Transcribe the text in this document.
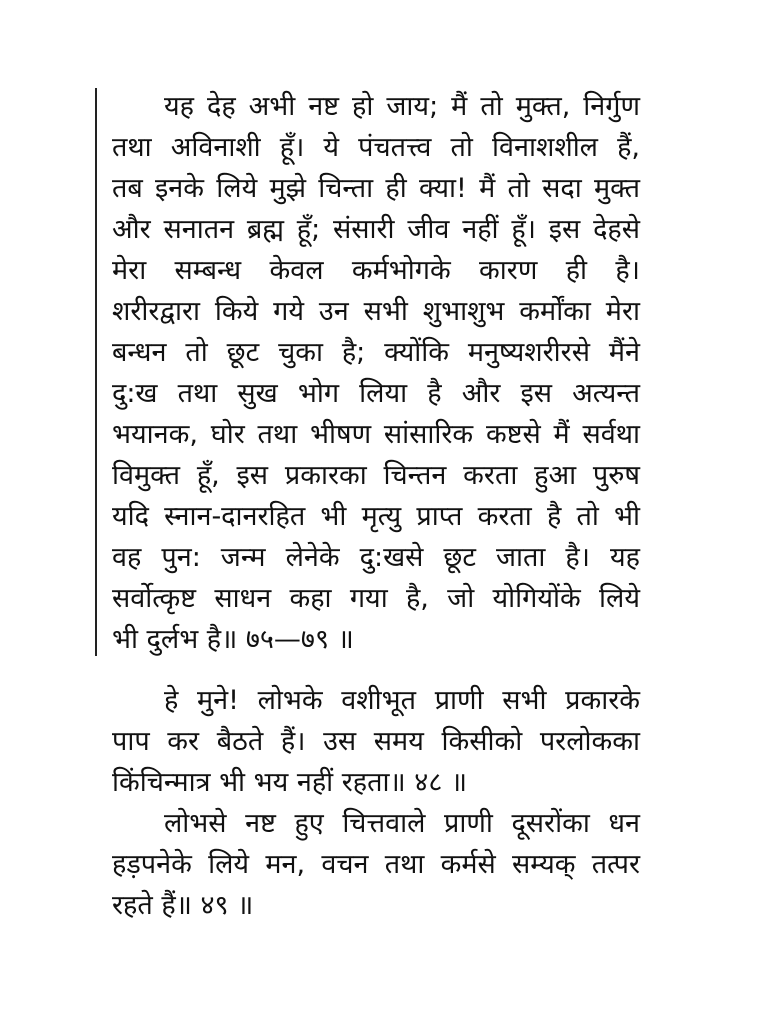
यह देह अभी नष्ट हो जाय; मैं तो मुक्त, निर्गुण
तथा अविनाशी हूँ। ये पंचतत्त्व तो विनाशशील हैं,
तब इनके लिये मुझे चिन्ता ही क्या! मैं तो सदा मुक्त
और सनातन ब्रह्म हूँ; संसारी जीव नहीं हूँ। इस देहसे
मेरा सम्बन्ध केवल कर्मभोगके कारण ही है।
शरीरद्वारा किये गये उन सभी शुभाशुभ कर्मोंका मेरा
बन्धन तो छूट चुका है; क्योंकि मनुष्यशरीरसे मैंने
दु:ख तथा सुख भोग लिया है और इस अत्यन्त
भयानक, घोर तथा भीषण सांसारिक कष्टसे मैं सर्वथा
विमुक्त हूँ, इस प्रकारका चिन्तन करता हुआ पुरुष
यदि स्नान-दानरहित भी मृत्यु प्राप्त करता है तो भी
वह पुन: जन्म लेनेके दु:खसे छूट जाता है। यह
सर्वोत्कृष्ट साधन कहा गया है, जो योगियोंके लिये
भी दुर्लभ है॥ ७५—७९ ॥
हे मुने! लोभके वशीभूत प्राणी सभी प्रकारके
पाप कर बैठते हैं। उस समय किसीको परलोकका
किंचिन्मात्र भी भय नहीं रहता॥ ४८ ॥
लोभसे नष्ट हुए चित्तवाले प्राणी दूसरोंका धन
हड़पनेके लिये मन, वचन तथा कर्मसे सम्यक् तत्पर
रहते हैं॥ ४९ ॥
